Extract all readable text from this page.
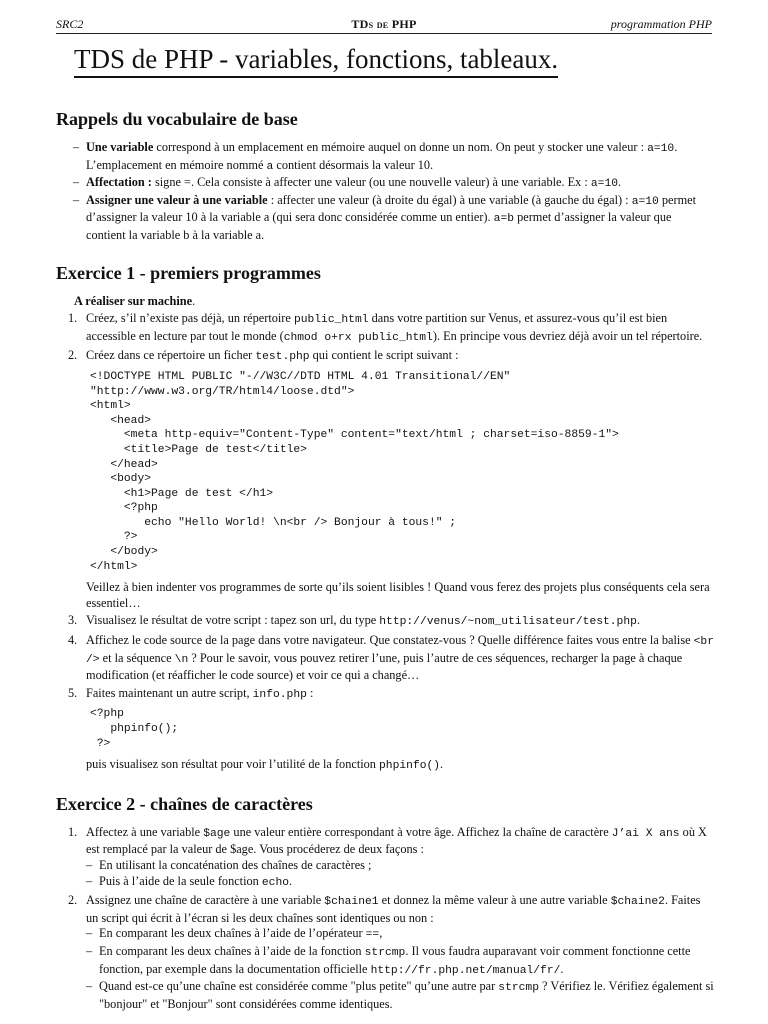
SRC2	TDs de PHP	programmation PHP
TDS de PHP - variables, fonctions, tableaux.
Rappels du vocabulaire de base
– Une variable correspond à un emplacement en mémoire auquel on donne un nom. On peut y stocker une valeur : a=10. L’emplacement en mémoire nommé a contient désormais la valeur 10.
– Affectation : signe =. Cela consiste à affecter une valeur (ou une nouvelle valeur) à une variable. Ex : a=10.
– Assigner une valeur à une variable : affecter une valeur (à droite du égal) à une variable (à gauche du égal) : a=10 permet d’assigner la valeur 10 à la variable a (qui sera donc considérée comme un entier). a=b permet d’assigner la valeur que contient la variable b à la variable a.
Exercice 1 - premiers programmes
A réaliser sur machine.
1. Créez, s’il n’existe pas déjà, un répertoire public_html dans votre partition sur Venus, et assurez-vous qu’il est bien accessible en lecture par tout le monde (chmod o+rx public_html). En principe vous devriez déjà avoir un tel répertoire.
2. Créez dans ce répertoire un ficher test.php qui contient le script suivant :
<!DOCTYPE HTML PUBLIC "-//W3C//DTD HTML 4.01 Transitional//EN"
"http://www.w3.org/TR/html4/loose.dtd">
<html>
<head>
<meta http-equiv="Content-Type" content="text/html ; charset=iso-8859-1">
<title>Page de test</title>
</head>
<body>
<h1>Page de test </h1>
<?php
echo "Hello World! \n<br /> Bonjour à tous!" ;
?>
</body>
</html>

Veillez à bien indenter vos programmes de sorte qu’ils soient lisibles ! Quand vous ferez des projets plus conséquents cela sera essentiel…

3. Visualisez le résultat de votre script : tapez son url, du type http://venus/~nom_utilisateur/test.php.
4. Affichez le code source de la page dans votre navigateur. Que constatez-vous ? Quelle différence faites vous entre la balise <br /> et la séquence \n ? Pour le savoir, vous pouvez retirer l’une, puis l’autre de ces séquences, recharger la page à chaque modification (et réafficher le code source) et voir ce qui a changé…
5. Faites maintenant un autre script, info.php :
<?php
phpinfo();
?>

puis visualisez son résultat pour voir l’utilité de la fonction phpinfo().

Exercice 2 - chaînes de caractères
1. Affectez à une variable $age une valeur entière correspondant à votre âge. Affichez la chaîne de caractère J’ai X ans où X est remplacé par la valeur de $age. Vous procéderez de deux façons :
– En utilisant la concaténation des chaînes de caractères ;
– Puis à l’aide de la seule fonction echo.
2. Assignez une chaîne de caractère à une variable $chaine1 et donnez la même valeur à une autre variable $chaine2. Faites un script qui écrit à l’écran si les deux chaînes sont identiques ou non :
– En comparant les deux chaînes à l’aide de l’opérateur ==,
– En comparant les deux chaînes à l’aide de la fonction strcmp. Il vous faudra auparavant voir comment fonctionne cette fonction, par exemple dans la documentation officielle http://fr.php.net/manual/fr/.
– Quand est-ce qu’une chaîne est considérée comme "plus petite" qu’une autre par strcmp ? Vérifiez le. Vérifiez également si "bonjour" et "Bonjour" sont considérées comme identiques.
